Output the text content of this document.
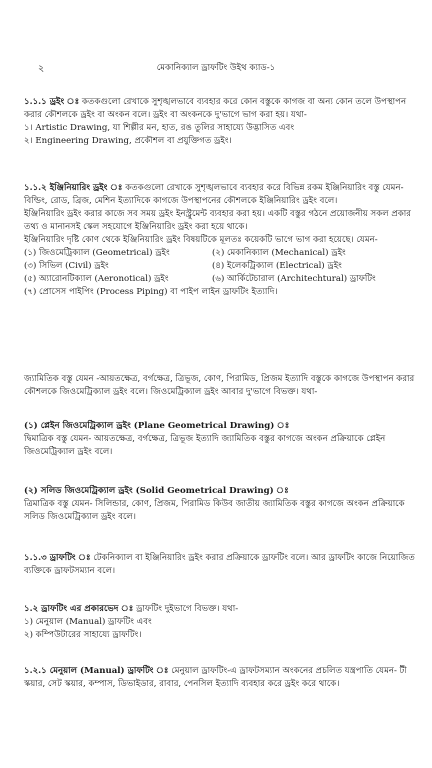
২	মেকানিক্যাল ড্রাফটিং উইথ ক্যাড-১

১.১.১ ড্রইং ঃ কতকগুলো রেখাকে সুশৃঙ্খলভাবে ব্যবহার করে কোন বস্তুকে কাগজ বা অন্য কোন তলে উপস্থাপন করার কৌশলকে ড্রইং বা অংকন বলে। ড্রইং বা অংকনকে দু'ভাগে ভাগ করা হয়। যথা-

১। Artistic Drawing, যা শিল্পীর মন, হাত, রঙ তুলির সাহায্যে উদ্ভাসিত এবং

২। Engineering Drawing, প্রকৌশল বা প্রযুক্তিগত ড্রইং।

১.১.২ ইঞ্জিনিয়ারিং ড্রইং ঃ কতকগুলো রেখাকে সুশৃঙ্খলভাবে ব্যবহার করে বিভিন্ন রকম ইঞ্জিনিয়ারিং বস্তু যেমন- বিল্ডিং, রোড, ব্রিজ, মেশিন ইত্যাদিকে কাগজে উপস্থাপনের কৌশলকে ইঞ্জিনিয়ারিং ড্রইং বলে।

ইঞ্জিনিয়ারিং ড্রইং করার কাজে সব সময় ড্রইং ইনস্ট্রুমেন্ট ব্যবহার করা হয়। একটি বস্তুর গঠনে প্রয়োজনীয় সকল প্রকার তথ্য ও মানানসই স্কেল সহযোগে ইঞ্জিনিয়ারিং ড্রইং করা হয়ে থাকে।

ইঞ্জিনিয়ারিং দৃষ্টি কোণ থেকে ইঞ্জিনিয়ারিং ড্রইং বিষয়টিকে মূলতঃ কয়েকটি ভাগে ভাগ করা হয়েছে। যেমন-

(১) জিওমেট্রিক্যাল (Geometrical) ড্রইং	(২) মেকানিক্যাল (Mechanical) ড্রইং
(৩) সিভিল (Civil) ড্রইং	(৪) ইলেকট্রিক্যাল (Electrical) ড্রইং
(৫) অ্যারোনটিক্যাল (Aeronotical) ড্রইং	(৬) আর্কিটেচারাল (Architechtural) ড্রাফটিং

(৭) প্রোসেস পাইপিং (Process Piping) বা পাইপ লাইন ড্রাফটিং ইত্যাদি।

জ্যামিতিক বস্তু যেমন -আয়তক্ষেত্র, বর্গক্ষেত্র, ত্রিভূজ, কোণ, পিরামিড, প্রিজম ইত্যাদি বস্তুকে কাগজে উপস্থাপন করার কৌশলকে জিওমেট্রিক্যাল ড্রইং বলে। জিওমেট্রিক্যাল ড্রইং আবার দু'ভাগে বিভক্ত। যথা-

(১) প্লেইন জিওমেট্রিক্যাল ড্রইং (Plane Geometrical Drawing) ঃ

দ্বিমাত্রিক বস্তু যেমন- আয়তক্ষেত্র, বর্গক্ষেত্র, ত্রিভূজ ইত্যাদি জ্যামিতিক বস্তুর কাগজে অংকন প্রক্রিয়াকে প্লেইন জিওমেট্রিক্যাল ড্রইং বলে।

(২) সলিড জিওমেট্রিক্যাল ড্রইং (Solid Geometrical Drawing) ঃ

ত্রিমাত্রিক বস্তু যেমন- সিলিন্ডার, কোণ, প্রিজম, পিরামিড কিউব জাতীয় জ্যামিতিক বস্তুর কাগজে অংকন প্রক্রিয়াকে সলিড জিওমেট্রিক্যাল ড্রইং বলে।

১.১.৩ ড্রাফটিং ঃ টেকনিক্যাল বা ইঞ্জিনিয়ারিং ড্রইং করার প্রক্রিয়াকে ড্রাফটিং বলে। আর ড্রাফটিং কাজে নিয়োজিত ব্যক্তিকে ড্রাফটসম্যান বলে।

১.২ ড্রাফটিং এর প্রকারভেদ ঃ ড্রাফটিং দুইভাগে বিভক্ত। যথা-

১) মেনুয়াল (Manual) ড্রাফটিং এবং

২) কম্পিউটারের সাহায্যে ড্রাফটিং।

১.২.১ মেনুয়াল (Manual) ড্রাফটিং ঃ মেনুয়াল ড্রাফটিং-এ ড্রাফটসম্যান অংকনের প্রচলিত যন্ত্রপাতি যেমন- টী স্কয়ার, সেট স্কয়ার, কম্পাস, ডিভাইডার, রাবার, পেনসিল ইত্যাদি ব্যবহার করে ড্রইং করে থাকে।
